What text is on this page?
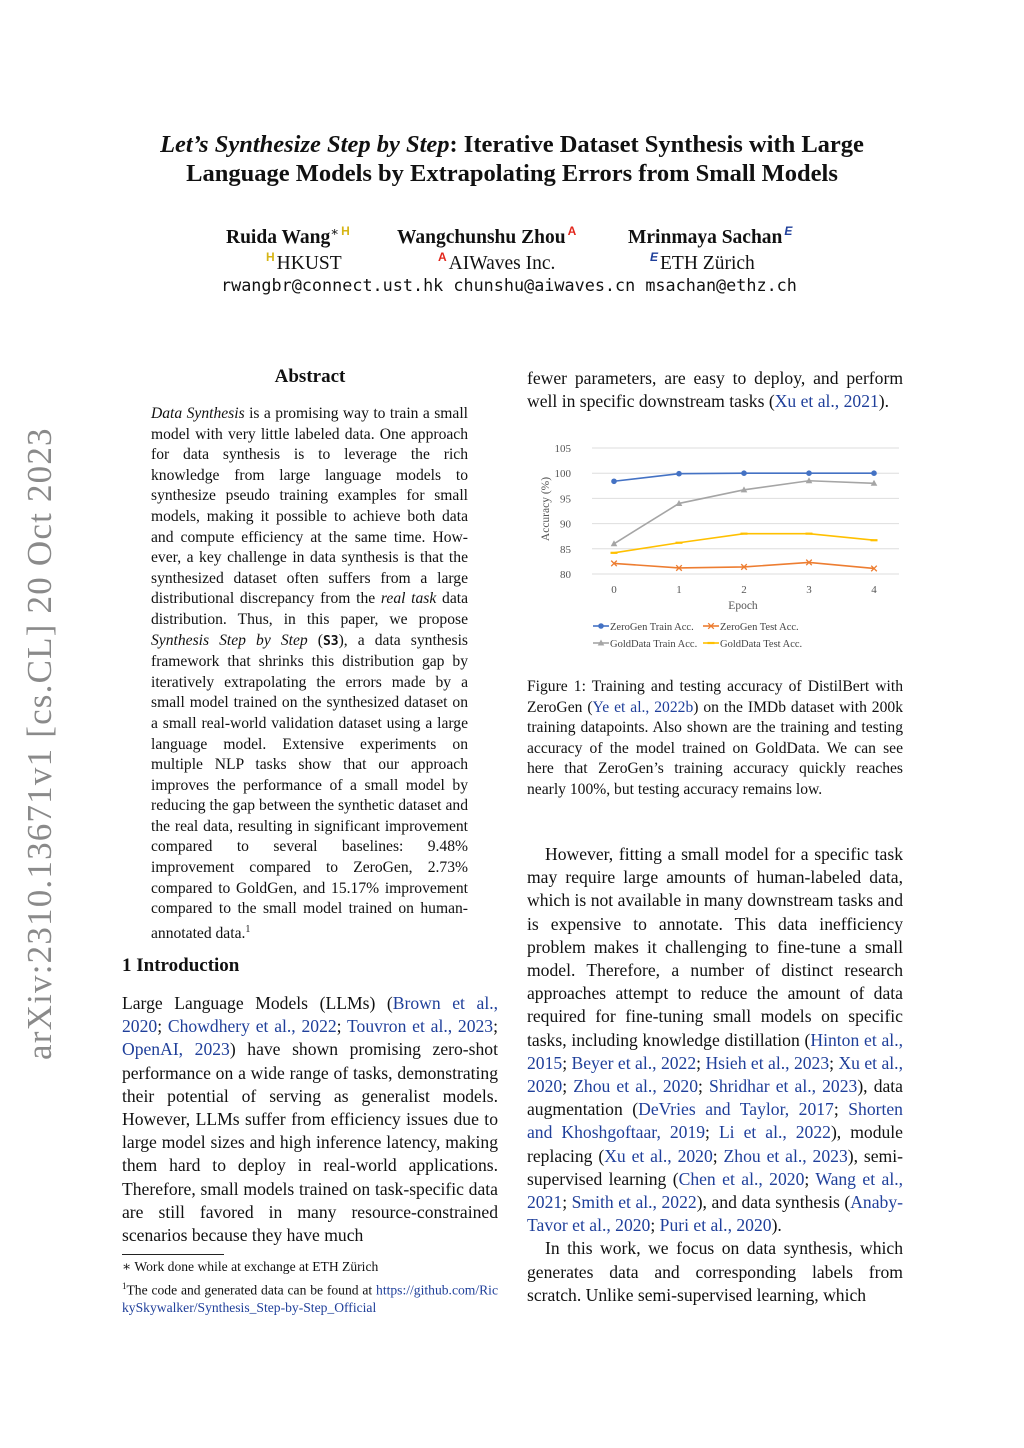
arXiv:2310.13671v1 [cs.CL] 20 Oct 2023
Let’s Synthesize Step by Step: Iterative Dataset Synthesis with Large
Language Models by Extrapolating Errors from Small Models
Ruida Wang∗ $^H$ Wangchunshu Zhou $^A$	Mrinmaya Sachan $^E$
$^H$ HKUST	$^A$ AIWaves Inc.	$^E$ ETH Zürich
rwangbr@connect.ust.hk chunshu@aiwaves.cn msachan@ethz.ch
Abstract
Data Synthesis is a promising way to train a small model with very little labeled data. One approach for data synthesis is to leverage the rich knowledge from large language models to synthesize pseudo training examples for small models, making it possible to achieve both data and compute efficiency at the same time. However, a key challenge in data synthesis is that the synthesized dataset often suffers from a large distributional discrepancy from the real task data distribution. Thus, in this paper, we propose Synthesis Step by Step (S3), a data synthesis framework that shrinks this distribution gap by iteratively extrapolating the errors made by a small model trained on the synthesized dataset on a small real-world validation dataset using a large language model. Extensive experiments on multiple NLP tasks show that our approach improves the performance of a small model by reducing the gap between the synthetic dataset and the real data, resulting in significant improvement compared to several baselines: 9.48% improvement compared to ZeroGen, 2.73% compared to GoldGen, and 15.17% improvement compared to the small model trained on human-annotated data.$^1$
1 Introduction
Large Language Models (LLMs) (Brown et al., 2020; Chowdhery et al., 2022; Touvron et al., 2023; OpenAI, 2023) have shown promising zero-shot performance on a wide range of tasks, demonstrating their potential of serving as generalist models. However, LLMs suffer from efficiency issues due to large model sizes and high inference latency, making them hard to deploy in real-world applications. Therefore, small models trained on task-specific data are still favored in many resource-constrained scenarios because they have much
∗ Work done while at exchange at ETH Zürich
$^1$The code and generated data can be found at https://github.com/RickySkywalker/Synthesis_Step-by-Step_Official
fewer parameters, are easy to deploy, and perform well in specific downstream tasks (Xu et al., 2021).
80
85
90
95
100
105
0	1	2	3	4
Accuracy (%)
Epoch
ZeroGen Train Acc.	ZeroGen Test Acc.
GoldData Train Acc. GoldData Test Acc.
Figure 1: Training and testing accuracy of DistilBert with ZeroGen (Ye et al., 2022b) on the IMDb dataset with 200k training datapoints. Also shown are the training and testing accuracy of the model trained on GoldData. We can see here that ZeroGen’s training accuracy quickly reaches nearly 100%, but testing accuracy remains low.
However, fitting a small model for a specific task may require large amounts of human-labeled data, which is not available in many downstream tasks and is expensive to annotate. This data inefficiency problem makes it challenging to fine-tune a small model. Therefore, a number of distinct research approaches attempt to reduce the amount of data required for fine-tuning small models on specific tasks, including knowledge distillation (Hinton et al., 2015; Beyer et al., 2022; Hsieh et al., 2023; Xu et al., 2020; Zhou et al., 2020; Shridhar et al., 2023), data augmentation (DeVries and Taylor, 2017; Shorten and Khoshgoftaar, 2019; Li et al., 2022), module replacing (Xu et al., 2020; Zhou et al., 2023), semi-supervised learning (Chen et al., 2020; Wang et al., 2021; Smith et al., 2022), and data synthesis (Anaby-Tavor et al., 2020; Puri et al., 2020).
In this work, we focus on data synthesis, which generates data and corresponding labels from scratch. Unlike semi-supervised learning, which
